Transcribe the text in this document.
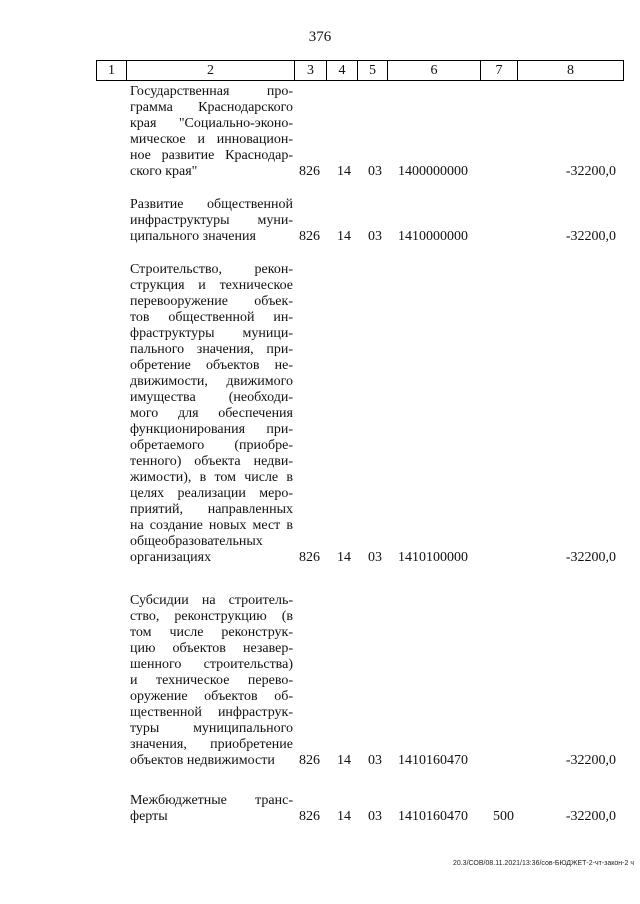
376
1	2	3	4	5	6	7	8
Государственная про-
грамма Краснодарского
края "Социально-эконо-
мическое и инновацион-
ное развитие Краснодар-
ского края"	826 14 03 1400000000	-32200,0
Развитие общественной
инфраструктуры муни-
ципального значения	826 14 03 1410000000	-32200,0
Строительство, рекон-
струкция и техническое
перевооружение объек-
тов общественной ин-
фраструктуры муници-
пального значения, при-
обретение объектов не-
движимости, движимого
имущества (необходи-
мого для обеспечения
функционирования при-
обретаемого (приобре-
тенного) объекта недви-
жимости), в том числе в
целях реализации меро-
приятий, направленных
на создание новых мест в
общеобразовательных
организациях	826 14 03 1410100000	-32200,0
Субсидии на строитель-
ство, реконструкцию (в
том числе реконструк-
цию объектов незавер-
шенного строительства)
и техническое перево-
оружение объектов об-
щественной инфраструк-
туры муниципального
значения, приобретение
объектов недвижимости	826 14 03 1410160470	-32200,0
Межбюджетные транс-
ферты	826 14 03 1410160470 500	-32200,0
20.3/СОВ/08.11.2021/13:36/сов-БЮДЖЕТ-2-чт-закон-2 ч
